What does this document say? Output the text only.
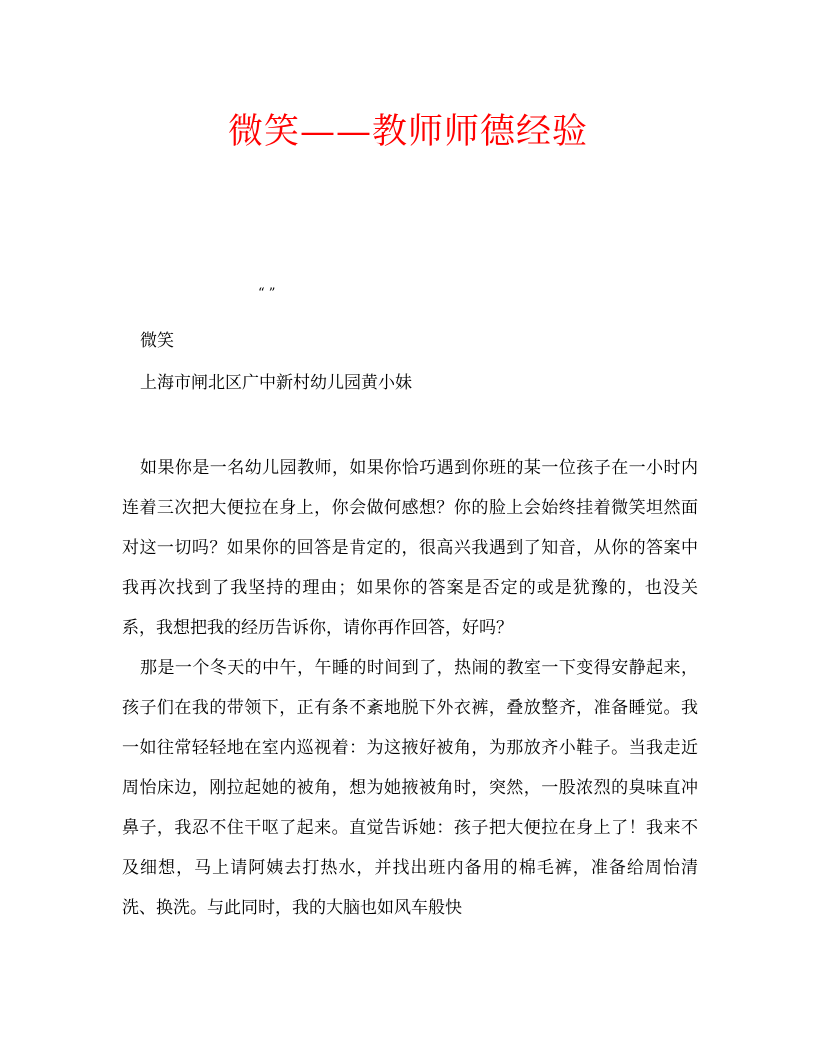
微笑——教师师德经验
“ ”
微笑
上海市闸北区广中新村幼儿园黄小妹

如果你是一名幼儿园教师，如果你恰巧遇到你班的某一位孩子在一小时内连着三次把大便拉在身上，你会做何感想？你的脸上会始终挂着微笑坦然面对这一切吗？如果你的回答是肯定的，很高兴我遇到了知音，从你的答案中我再次找到了我坚持的理由；如果你的答案是否定的或是犹豫的，也没关系，我想把我的经历告诉你，请你再作回答，好吗？

那是一个冬天的中午，午睡的时间到了，热闹的教室一下变得安静起来，孩子们在我的带领下，正有条不紊地脱下外衣裤，叠放整齐，准备睡觉。我一如往常轻轻地在室内巡视着：为这掖好被角，为那放齐小鞋子。当我走近周怡床边，刚拉起她的被角，想为她掖被角时，突然，一股浓烈的臭味直冲鼻子，我忍不住干呕了起来。直觉告诉她：孩子把大便拉在身上了！我来不及细想，马上请阿姨去打热水，并找出班内备用的棉毛裤，准备给周怡清洗、换洗。与此同时，我的大脑也如风车般快
